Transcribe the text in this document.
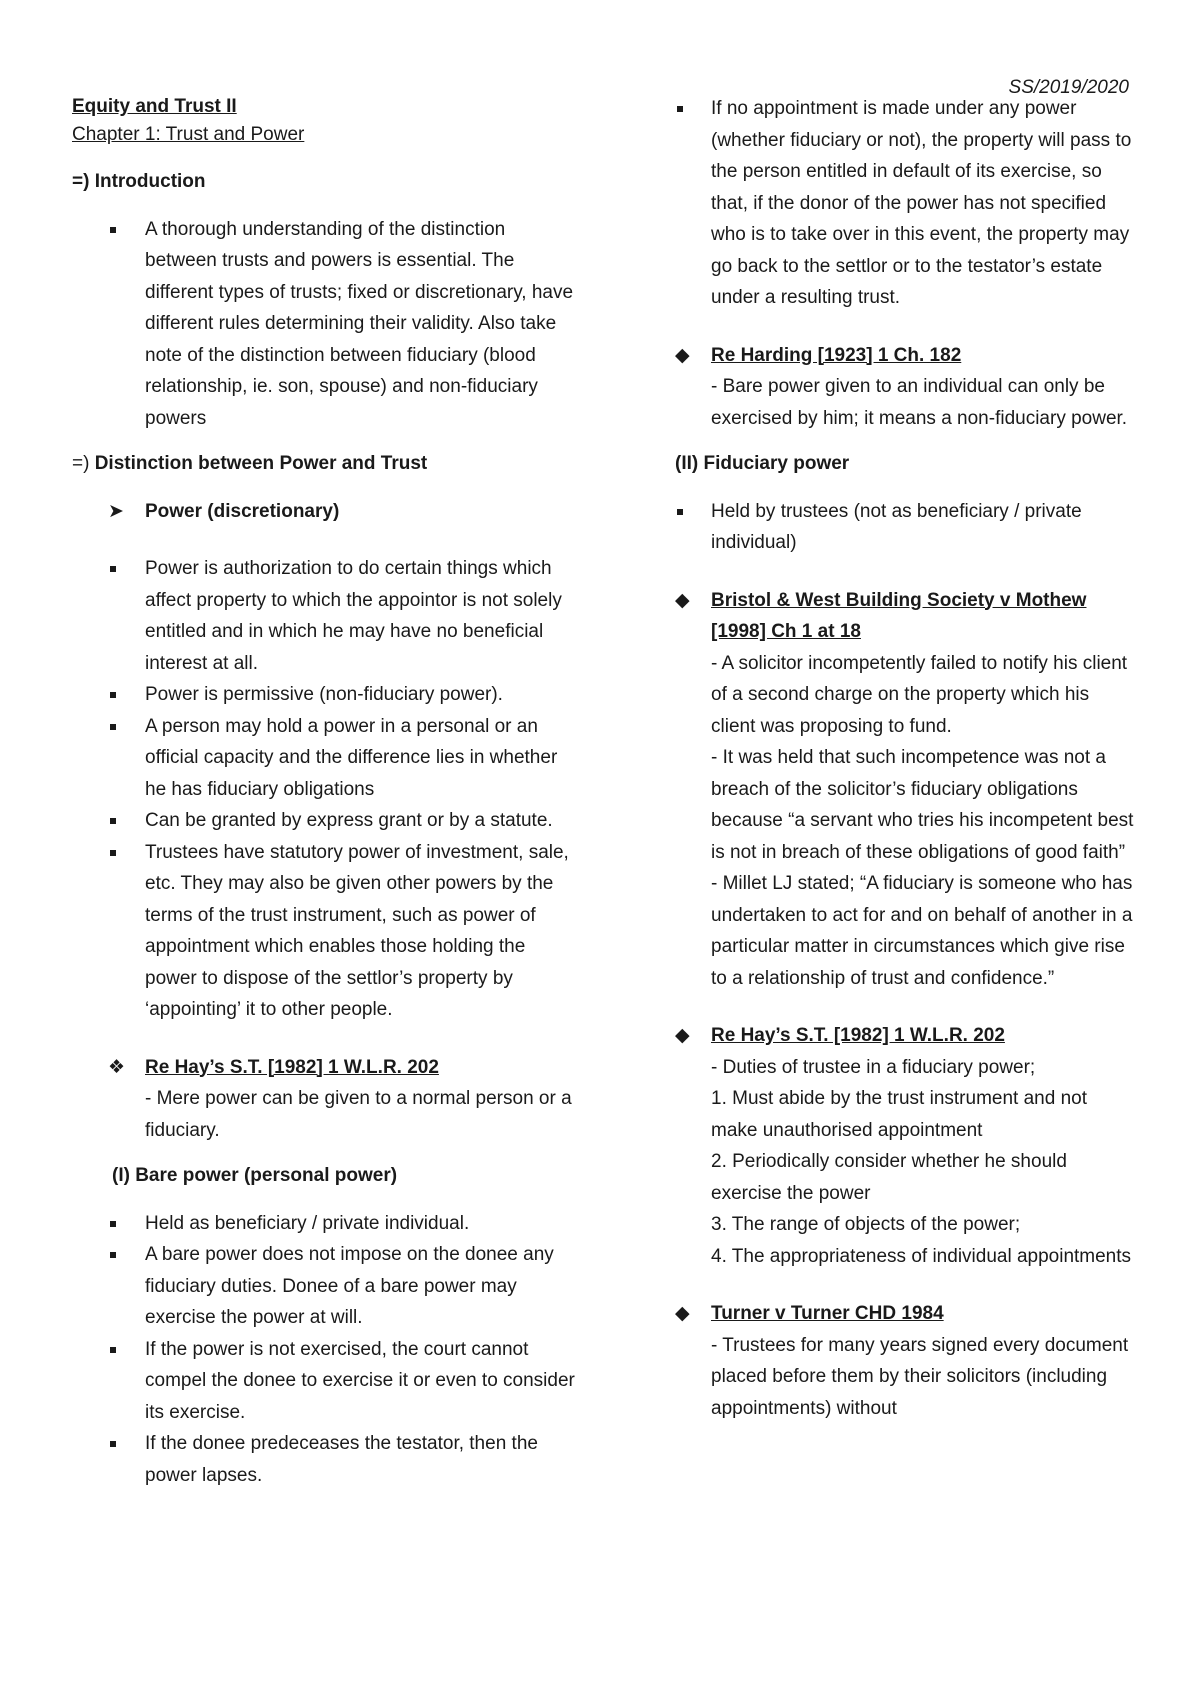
SS/2019/2020
Equity and Trust II
Chapter 1: Trust and Power
=) Introduction
A thorough understanding of the distinction between trusts and powers is essential. The different types of trusts; fixed or discretionary, have different rules determining their validity. Also take note of the distinction between fiduciary (blood relationship, ie. son, spouse) and non-fiduciary powers
=) Distinction between Power and Trust
➤ Power (discretionary)
Power is authorization to do certain things which affect property to which the appointor is not solely entitled and in which he may have no beneficial interest at all.
Power is permissive (non-fiduciary power).
A person may hold a power in a personal or an official capacity and the difference lies in whether he has fiduciary obligations
Can be granted by express grant or by a statute.
Trustees have statutory power of investment, sale, etc. They may also be given other powers by the terms of the trust instrument, such as power of appointment which enables those holding the power to dispose of the settlor’s property by ‘appointing’ it to other people.
❖ Re Hay’s S.T. [1982] 1 W.L.R. 202
- Mere power can be given to a normal person or a fiduciary.
(I) Bare power (personal power)
Held as beneficiary / private individual.
A bare power does not impose on the donee any fiduciary duties. Donee of a bare power may exercise the power at will.
If the power is not exercised, the court cannot compel the donee to exercise it or even to consider its exercise.
If the donee predeceases the testator, then the power lapses.
If no appointment is made under any power (whether fiduciary or not), the property will pass to the person entitled in default of its exercise, so that, if the donor of the power has not specified who is to take over in this event, the property may go back to the settlor or to the testator’s estate under a resulting trust.
◆ Re Harding [1923] 1 Ch. 182
- Bare power given to an individual can only be exercised by him; it means a non-fiduciary power.
(II) Fiduciary power
Held by trustees (not as beneficiary / private individual)
◆ Bristol & West Building Society v Mothew [1998] Ch 1 at 18
- A solicitor incompetently failed to notify his client of a second charge on the property which his client was proposing to fund.
- It was held that such incompetence was not a breach of the solicitor’s fiduciary obligations because “a servant who tries his incompetent best is not in breach of these obligations of good faith”
- Millet LJ stated; “A fiduciary is someone who has undertaken to act for and on behalf of another in a particular matter in circumstances which give rise to a relationship of trust and confidence.”
◆ Re Hay’s S.T. [1982] 1 W.L.R. 202
- Duties of trustee in a fiduciary power;
1. Must abide by the trust instrument and not make unauthorised appointment
2. Periodically consider whether he should exercise the power
3. The range of objects of the power;
4. The appropriateness of individual appointments
◆ Turner v Turner CHD 1984
- Trustees for many years signed every document placed before them by their solicitors (including appointments) without
